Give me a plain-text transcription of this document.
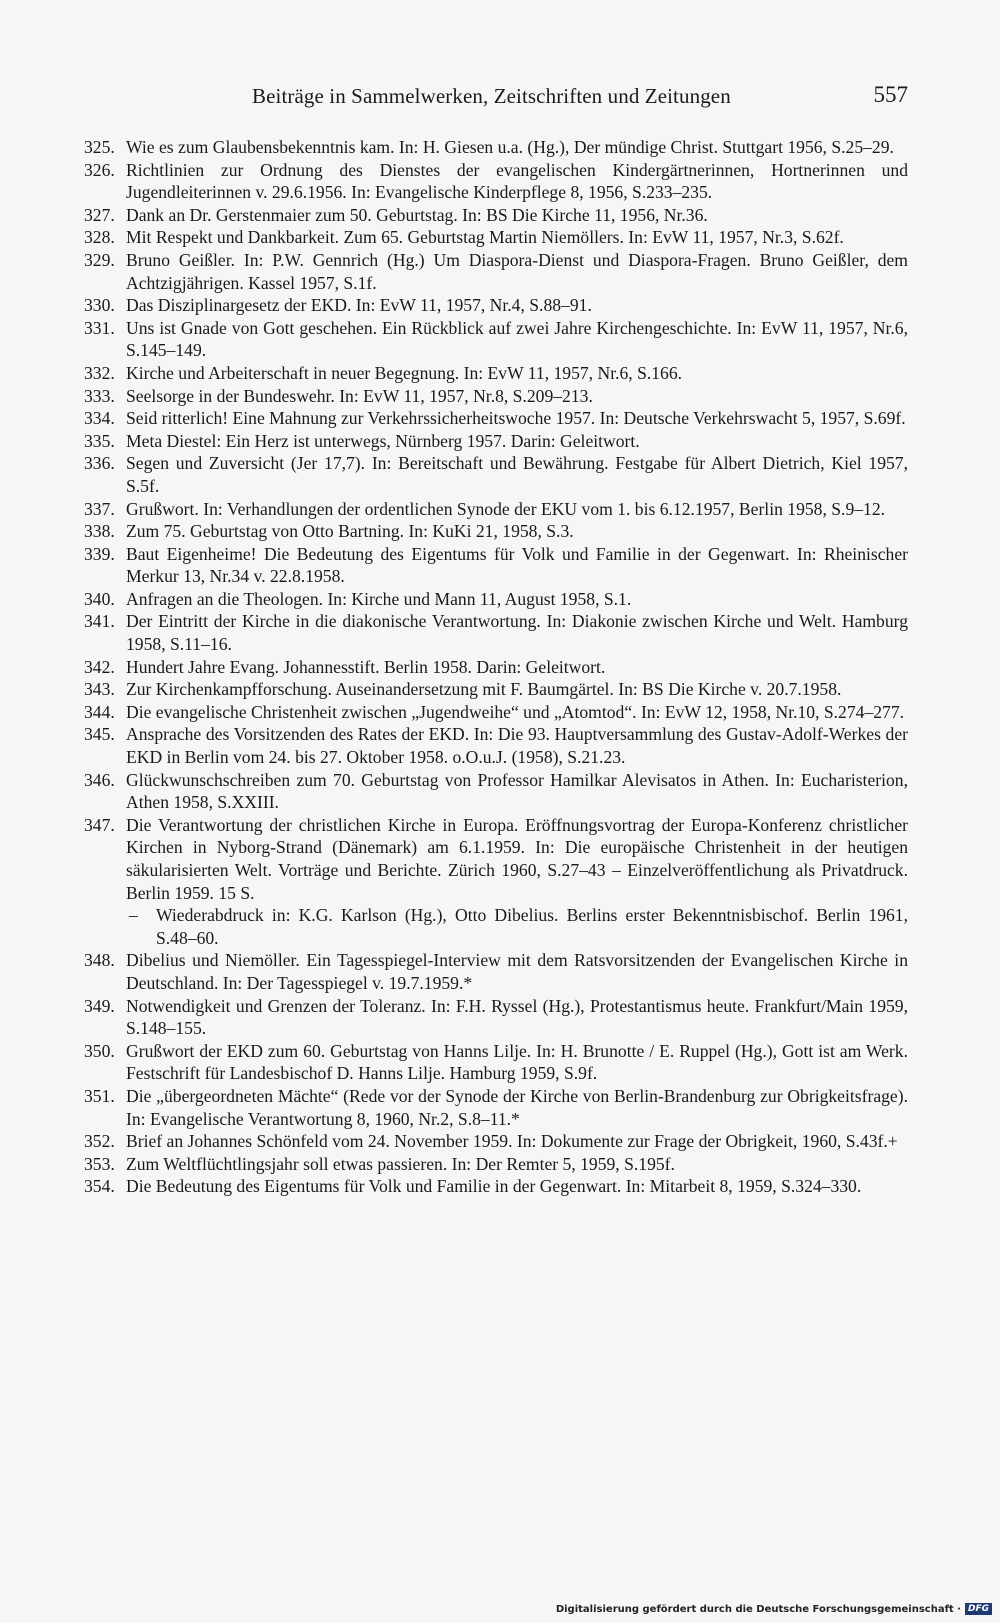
Beiträge in Sammelwerken, Zeitschriften und Zeitungen	557
325. Wie es zum Glaubensbekenntnis kam. In: H. Giesen u.a. (Hg.), Der mündige Christ. Stuttgart 1956, S.25–29.
326. Richtlinien zur Ordnung des Dienstes der evangelischen Kindergärtnerinnen, Hortnerinnen und Jugendleiterinnen v. 29.6.1956. In: Evangelische Kinderpflege 8, 1956, S.233–235.
327. Dank an Dr. Gerstenmaier zum 50. Geburtstag. In: BS Die Kirche 11, 1956, Nr.36.
328. Mit Respekt und Dankbarkeit. Zum 65. Geburtstag Martin Niemöllers. In: EvW 11, 1957, Nr.3, S.62f.
329. Bruno Geißler. In: P.W. Gennrich (Hg.) Um Diaspora-Dienst und Diaspora-Fragen. Bruno Geißler, dem Achtzigjährigen. Kassel 1957, S.1f.
330. Das Disziplinargesetz der EKD. In: EvW 11, 1957, Nr.4, S.88–91.
331. Uns ist Gnade von Gott geschehen. Ein Rückblick auf zwei Jahre Kirchengeschichte. In: EvW 11, 1957, Nr.6, S.145–149.
332. Kirche und Arbeiterschaft in neuer Begegnung. In: EvW 11, 1957, Nr.6, S.166.
333. Seelsorge in der Bundeswehr. In: EvW 11, 1957, Nr.8, S.209–213.
334. Seid ritterlich! Eine Mahnung zur Verkehrssicherheitswoche 1957. In: Deutsche Verkehrswacht 5, 1957, S.69f.
335. Meta Diestel: Ein Herz ist unterwegs, Nürnberg 1957. Darin: Geleitwort.
336. Segen und Zuversicht (Jer 17,7). In: Bereitschaft und Bewährung. Festgabe für Albert Dietrich, Kiel 1957, S.5f.
337. Grußwort. In: Verhandlungen der ordentlichen Synode der EKU vom 1. bis 6.12.1957, Berlin 1958, S.9–12.
338. Zum 75. Geburtstag von Otto Bartning. In: KuKi 21, 1958, S.3.
339. Baut Eigenheime! Die Bedeutung des Eigentums für Volk und Familie in der Gegenwart. In: Rheinischer Merkur 13, Nr.34 v. 22.8.1958.
340. Anfragen an die Theologen. In: Kirche und Mann 11, August 1958, S.1.
341. Der Eintritt der Kirche in die diakonische Verantwortung. In: Diakonie zwischen Kirche und Welt. Hamburg 1958, S.11–16.
342. Hundert Jahre Evang. Johannesstift. Berlin 1958. Darin: Geleitwort.
343. Zur Kirchenkampfforschung. Auseinandersetzung mit F. Baumgärtel. In: BS Die Kirche v. 20.7.1958.
344. Die evangelische Christenheit zwischen „Jugendweihe“ und „Atomtod“. In: EvW 12, 1958, Nr.10, S.274–277.
345. Ansprache des Vorsitzenden des Rates der EKD. In: Die 93. Hauptversammlung des Gustav-Adolf-Werkes der EKD in Berlin vom 24. bis 27. Oktober 1958. o.O.u.J. (1958), S.21.23.
346. Glückwunschschreiben zum 70. Geburtstag von Professor Hamilkar Alevisatos in Athen. In: Eucharisterion, Athen 1958, S.XXIII.
347. Die Verantwortung der christlichen Kirche in Europa. Eröffnungsvortrag der Europa-Konferenz christlicher Kirchen in Nyborg-Strand (Dänemark) am 6.1.1959. In: Die europäische Christenheit in der heutigen säkularisierten Welt. Vorträge und Berichte. Zürich 1960, S.27–43 – Einzelveröffentlichung als Privatdruck. Berlin 1959. 15 S.
– Wiederabdruck in: K.G. Karlson (Hg.), Otto Dibelius. Berlins erster Bekenntnisbischof. Berlin 1961, S.48–60.
348. Dibelius und Niemöller. Ein Tagesspiegel-Interview mit dem Ratsvorsitzenden der Evangelischen Kirche in Deutschland. In: Der Tagesspiegel v. 19.7.1959.*
349. Notwendigkeit und Grenzen der Toleranz. In: F.H. Ryssel (Hg.), Protestantismus heute. Frankfurt/Main 1959, S.148–155.
350. Grußwort der EKD zum 60. Geburtstag von Hanns Lilje. In: H. Brunotte / E. Ruppel (Hg.), Gott ist am Werk. Festschrift für Landesbischof D. Hanns Lilje. Hamburg 1959, S.9f.
351. Die „übergeordneten Mächte“ (Rede vor der Synode der Kirche von Berlin-Brandenburg zur Obrigkeitsfrage). In: Evangelische Verantwortung 8, 1960, Nr.2, S.8–11.*
352. Brief an Johannes Schönfeld vom 24. November 1959. In: Dokumente zur Frage der Obrigkeit, 1960, S.43f.+
353. Zum Weltflüchtlingsjahr soll etwas passieren. In: Der Remter 5, 1959, S.195f.
354. Die Bedeutung des Eigentums für Volk und Familie in der Gegenwart. In: Mitarbeit 8, 1959, S.324–330.
Digitalisierung gefördert durch die Deutsche Forschungsgemeinschaft · DFG
